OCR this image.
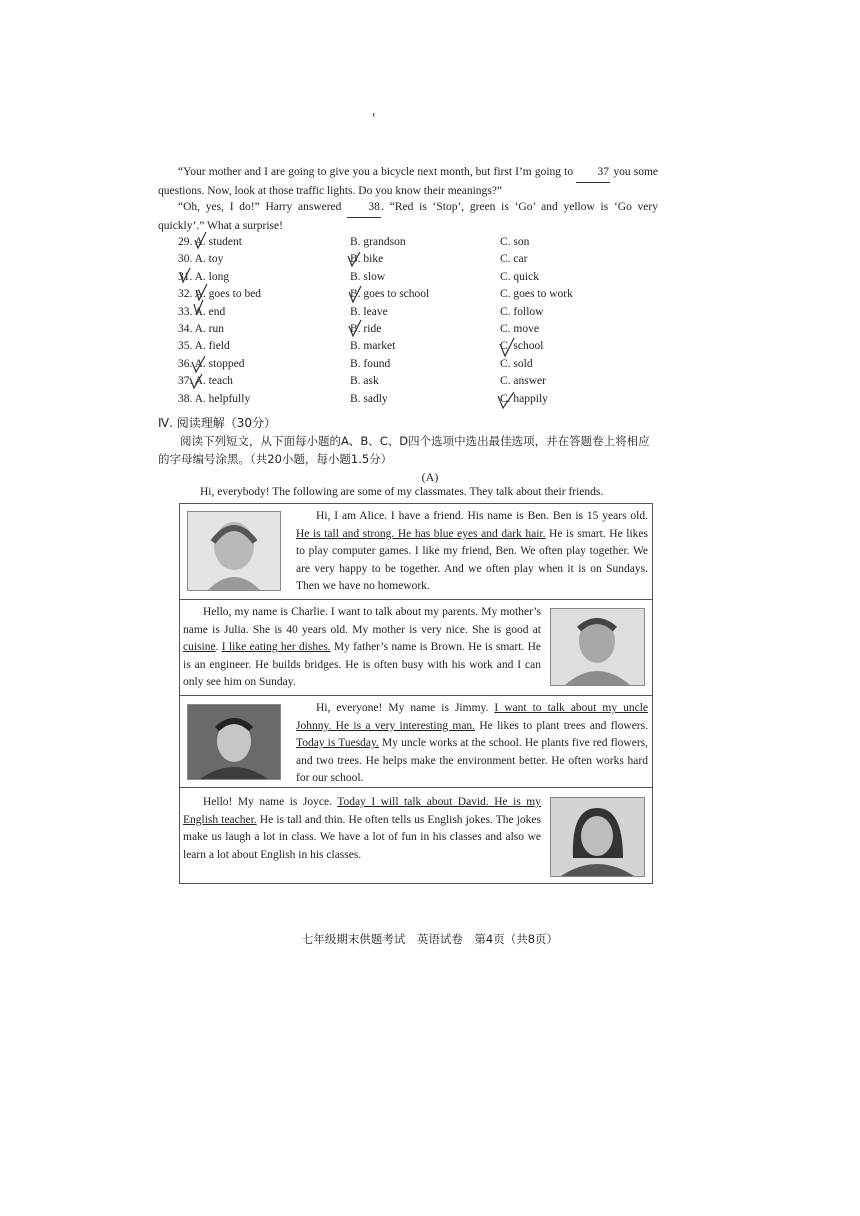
'
“Your mother and I are going to give you a bicycle next month, but first I’m going to 37 you some questions. Now, look at those traffic lights. Do you know their meanings?”
“Oh, yes, I do!” Harry answered 38. “Red is ‘Stop’, green is ‘Go’ and yellow is ‘Go very quickly’.” What a surprise!
29. A. student	B. grandson	C. son
30. A. toy	B. bike	C. car
31. A. long	B. slow	C. quick
32. A. goes to bed	B. goes to school	C. goes to work
33. A. end	B. leave	C. follow
34. A. run	B. ride	C. move
35. A. field	B. market	C. school
36. A. stopped	B. found	C. sold
37. A. teach	B. ask	C. answer
38. A. helpfully	B. sadly	C. happily
Ⅳ. 阅读理解（30分）
阅读下列短文，从下面每小题的A、B、C、D四个选项中选出最佳选项，并在答题卷上将相应的字母编号涂黑。（共20小题，每小题1.5分）
(A)
Hi, everybody! The following are some of my classmates. They talk about their friends.

Hi, I am Alice. I have a friend. His name is Ben. Ben is 15 years old. He is tall and strong. He has blue eyes and dark hair. He is smart. He likes to play computer games. I like my friend, Ben. We often play together. We are very happy to be together. And we often play when it is on Sundays. Then we have no homework.

Hello, my name is Charlie. I want to talk about my parents. My mother’s name is Julia. She is 40 years old. My mother is very nice. She is good at cuisine. I like eating her dishes. My father’s name is Brown. He is smart. He is an engineer. He builds bridges. He is often busy with his work and I can only see him on Sunday.

Hi, everyone! My name is Jimmy. I want to talk about my uncle Johnny. He is a very interesting man. He likes to plant trees and flowers. Today is Tuesday. My uncle works at the school. He plants five red flowers, and two trees. He helps make the environment better. He often works hard for our school.

Hello! My name is Joyce. Today I will talk about David. He is my English teacher. He is tall and thin. He often tells us English jokes. The jokes make us laugh a lot in class. We have a lot of fun in his classes and also we learn a lot about English in his classes.

七年级期末供题考试　英语试卷　第4页（共8页）
